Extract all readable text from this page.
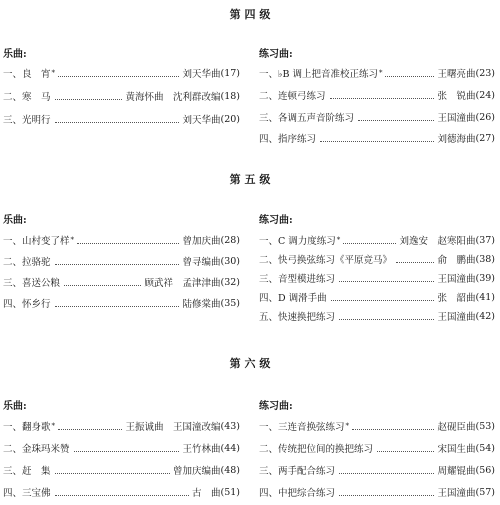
第 四 级
乐曲:	练习曲:
一、良　宵 *	刘天华曲 (17)
二、寒　马	黄海怀曲　沈利群改编 (18)
三、光明行	刘天华曲 (20)
一、♭B 调上把音准校正练习 *	王曙亮曲 (23)
二、连顿弓练习	张　锐曲 (24)
三、各调五声音阶练习	王国潼曲 (26)
四、指序练习	刘德海曲 (27)
第 五 级
乐曲:	练习曲:
一、山村变了样 *	曾加庆曲 (28)
二、拉骆驼	曾寻编曲 (30)
三、喜送公粮	顾武祥　孟津津曲 (32)
四、怀乡行	陆修棠曲 (35)
一、C 调力度练习 *	刘逸安　赵寒阳曲 (37)
二、快弓换弦练习《平原竞马》	俞　鹏曲 (38)
三、音型模进练习	王国潼曲 (39)
四、D 调滑手曲	张　韶曲 (41)
五、快速换把练习	王国潼曲 (42)
第 六 级
乐曲:	练习曲:
一、翻身歌 *	王振诚曲　王国潼改编 (43)
二、金珠玛米赞	王竹林曲 (44)
三、赶　集	曾加庆编曲 (48)
四、三宝佛	古　曲 (51)
一、三连音换弦练习 *	赵砚臣曲 (53)
二、传统把位间的换把练习	宋国生曲 (54)
三、两手配合练习	周耀锟曲 (56)
四、中把综合练习	王国潼曲 (57)
